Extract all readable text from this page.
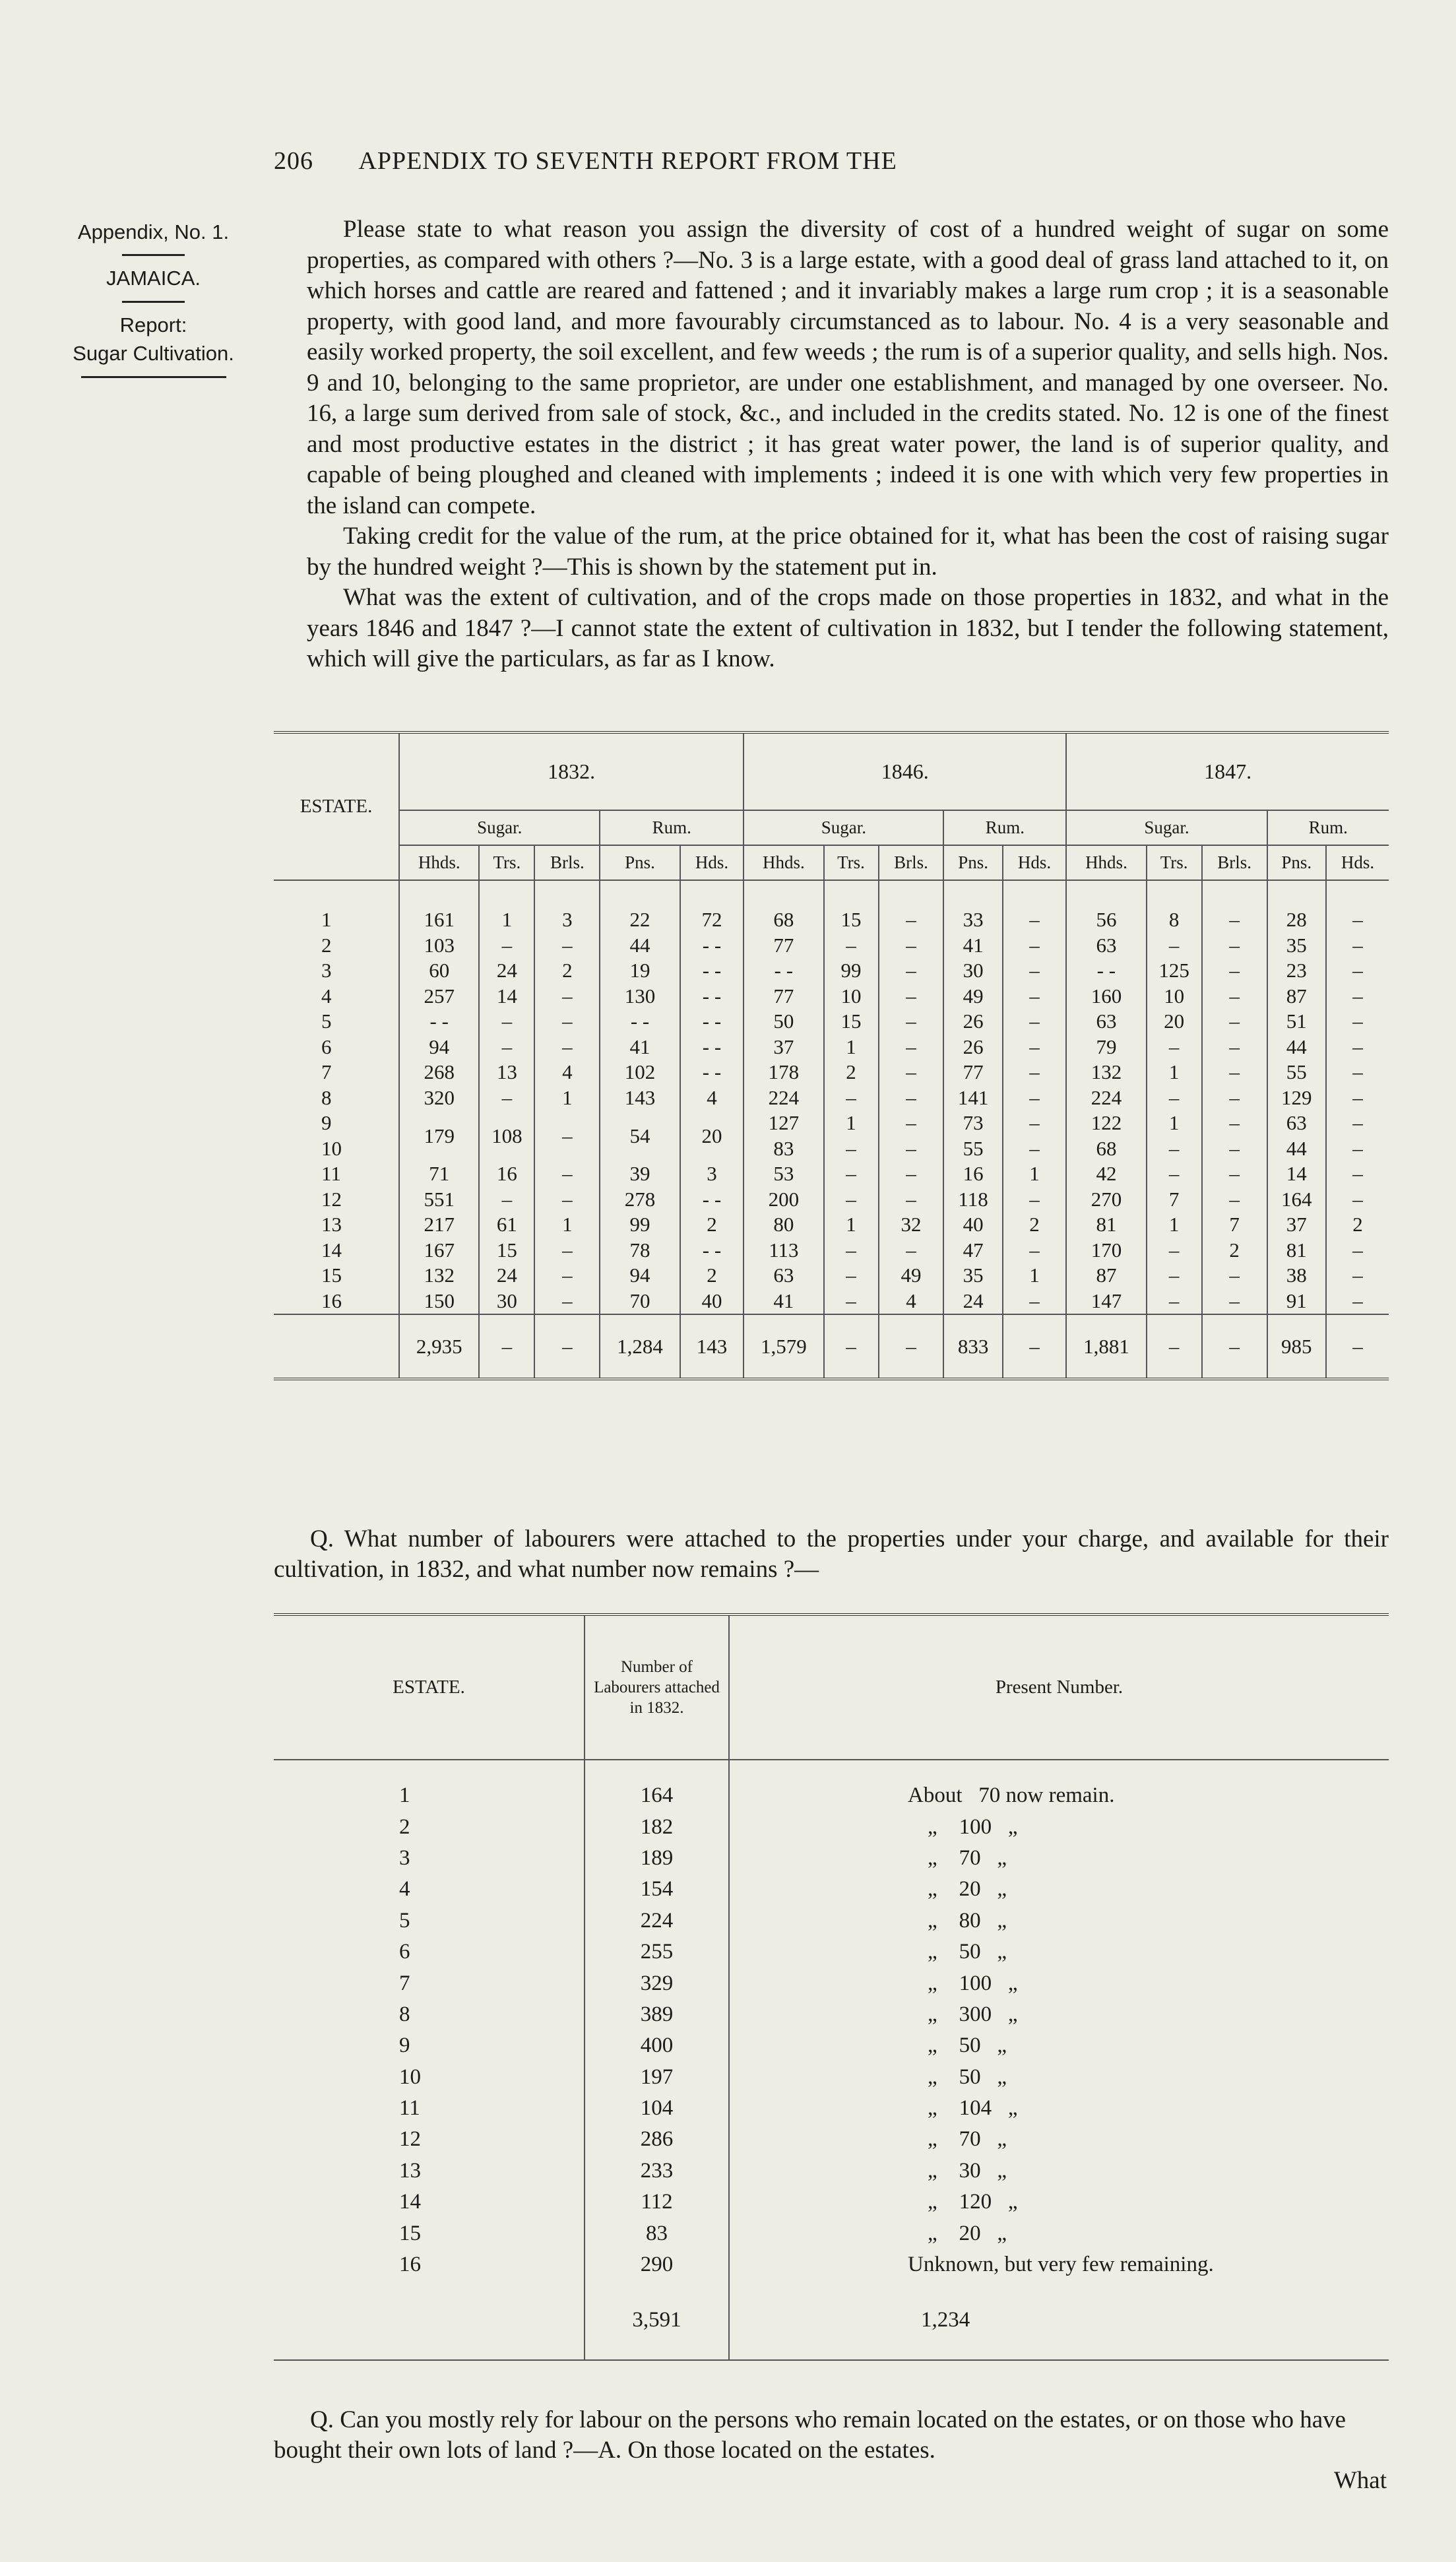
206 APPENDIX TO SEVENTH REPORT FROM THE
Appendix, No. 1.
JAMAICA.
Report:
Sugar Cultivation.

Please state to what reason you assign the diversity of cost of a hundred weight of sugar on some properties, as compared with others ?—No. 3 is a large estate, with a good deal of grass land attached to it, on which horses and cattle are reared and fattened ; and it invariably makes a large rum crop ; it is a seasonable property, with good land, and more favourably circumstanced as to labour. No. 4 is a very seasonable and easily worked property, the soil excellent, and few weeds ; the rum is of a superior quality, and sells high. Nos. 9 and 10, belonging to the same proprietor, are under one establishment, and managed by one overseer. No. 16, a large sum derived from sale of stock, &c., and included in the credits stated. No. 12 is one of the finest and most productive estates in the district ; it has great water power, the land is of superior quality, and capable of being ploughed and cleaned with implements ; indeed it is one with which very few properties in the island can compete.

Taking credit for the value of the rum, at the price obtained for it, what has been the cost of raising sugar by the hundred weight ?—This is shown by the statement put in.

What was the extent of cultivation, and of the crops made on those properties in 1832, and what in the years 1846 and 1847 ?—I cannot state the extent of cultivation in 1832, but I tender the following statement, which will give the particulars, as far as I know.

ESTATE.	1832.					1846.					1847.				
	Sugar.			Rum.		Sugar.			Rum.		Sugar.			Rum.	
	Hhds.	Trs.	Brls.	Pns.	Hds.	Hhds.	Trs.	Brls.	Pns.	Hds.	Hhds.	Trs.	Brls.	Pns.	Hds.
1	161	1	3	22	72	68	15	–	33	–	56	8	–	28	–
2	103	–	–	44	- -	77	–	–	41	–	63	–	–	35	–
3	60	24	2	19	- -	- -	99	–	30	–	- -	125	–	23	–
4	257	14	–	130	- -	77	10	–	49	–	160	10	–	87	–
5	- -	–	–	- -	- -	50	15	–	26	–	63	20	–	51	–
6	94	–	–	41	- -	37	1	–	26	–	79	–	–	44	–
7	268	13	4	102	- -	178	2	–	77	–	132	1	–	55	–
8	320	–	1	143	4	224	–	–	141	–	224	–	–	129	–
9	179	108	–	54	20	127	1	–	73	–	122	1	–	63	–
10						83	–	–	55	–	68	–	–	44	–
11	71	16	–	39	3	53	–	–	16	1	42	–	–	14	–
12	551	–	–	278	- -	200	–	–	118	–	270	7	–	164	–
13	217	61	1	99	2	80	1	32	40	2	81	1	7	37	2
14	167	15	–	78	- -	113	–	–	47	–	170	–	2	81	–
15	132	24	–	94	2	63	–	49	35	1	87	–	–	38	–
16	150	30	–	70	40	41	–	4	24	–	147	–	–	91	–
	2,935	–	–	1,284	143	1,579	–	–	833	–	1,881	–	–	985	–
Q. What number of labourers were attached to the properties under your charge, and available for their cultivation, in 1832, and what number now remains ?—
ESTATE.	Number of Labourers attached in 1832.	Present Number.
1	164	About   70 now remain.
2	182	„    100   „
3	189	„    70   „
4	154	„    20   „
5	224	„    80   „
6	255	„    50   „
7	329	„    100   „
8	389	„    300   „
9	400	„    50   „
10	197	„    50   „
11	104	„    104   „
12	286	„    70   „
13	233	„    30   „
14	112	„    120   „
15	83	„    20   „
16	290	Unknown, but very few remaining.
	3,591	1,234
Q. Can you mostly rely for labour on the persons who remain located on the estates, or on those who have bought their own lots of land ?—A. On those located on the estates.
What
